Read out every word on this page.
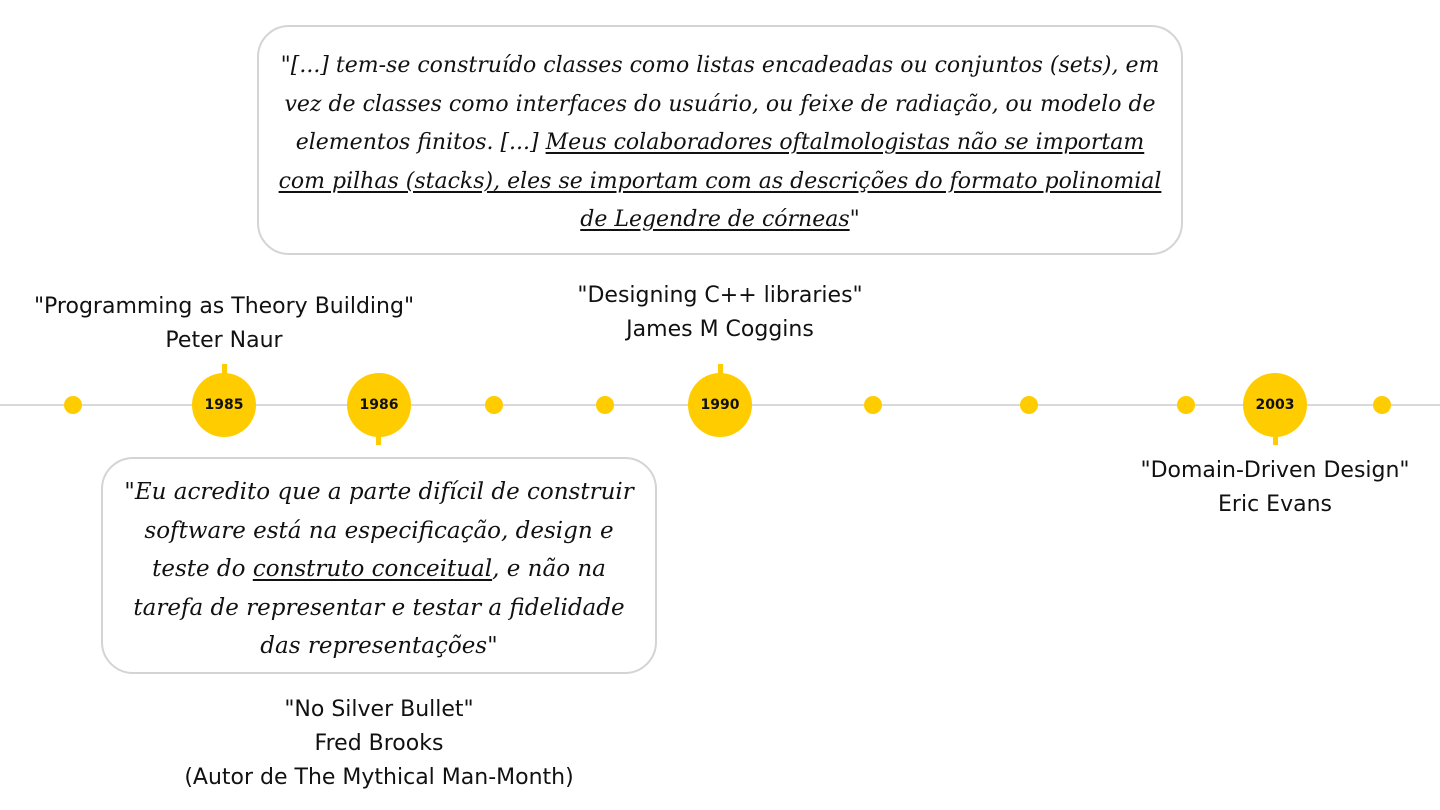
1985	1986	1990	2003
"[...] tem-se construído classes como listas encadeadas ou conjuntos (sets), em vez de classes como interfaces do usuário, ou feixe de radiação, ou modelo de elementos finitos. [...] Meus colaboradores oftalmologistas não se importam com pilhas (stacks), eles se importam com as descrições do formato polinomial de Legendre de córneas"
"Programming as Theory Building"
Peter Naur
"Designing C++ libraries"
James M Coggins
"Domain-Driven Design"
Eric Evans
"Eu acredito que a parte difícil de construir software está na especificação, design e teste do construto conceitual, e não na tarefa de representar e testar a fidelidade das representações"
"No Silver Bullet"
Fred Brooks
(Autor de The Mythical Man-Month)
